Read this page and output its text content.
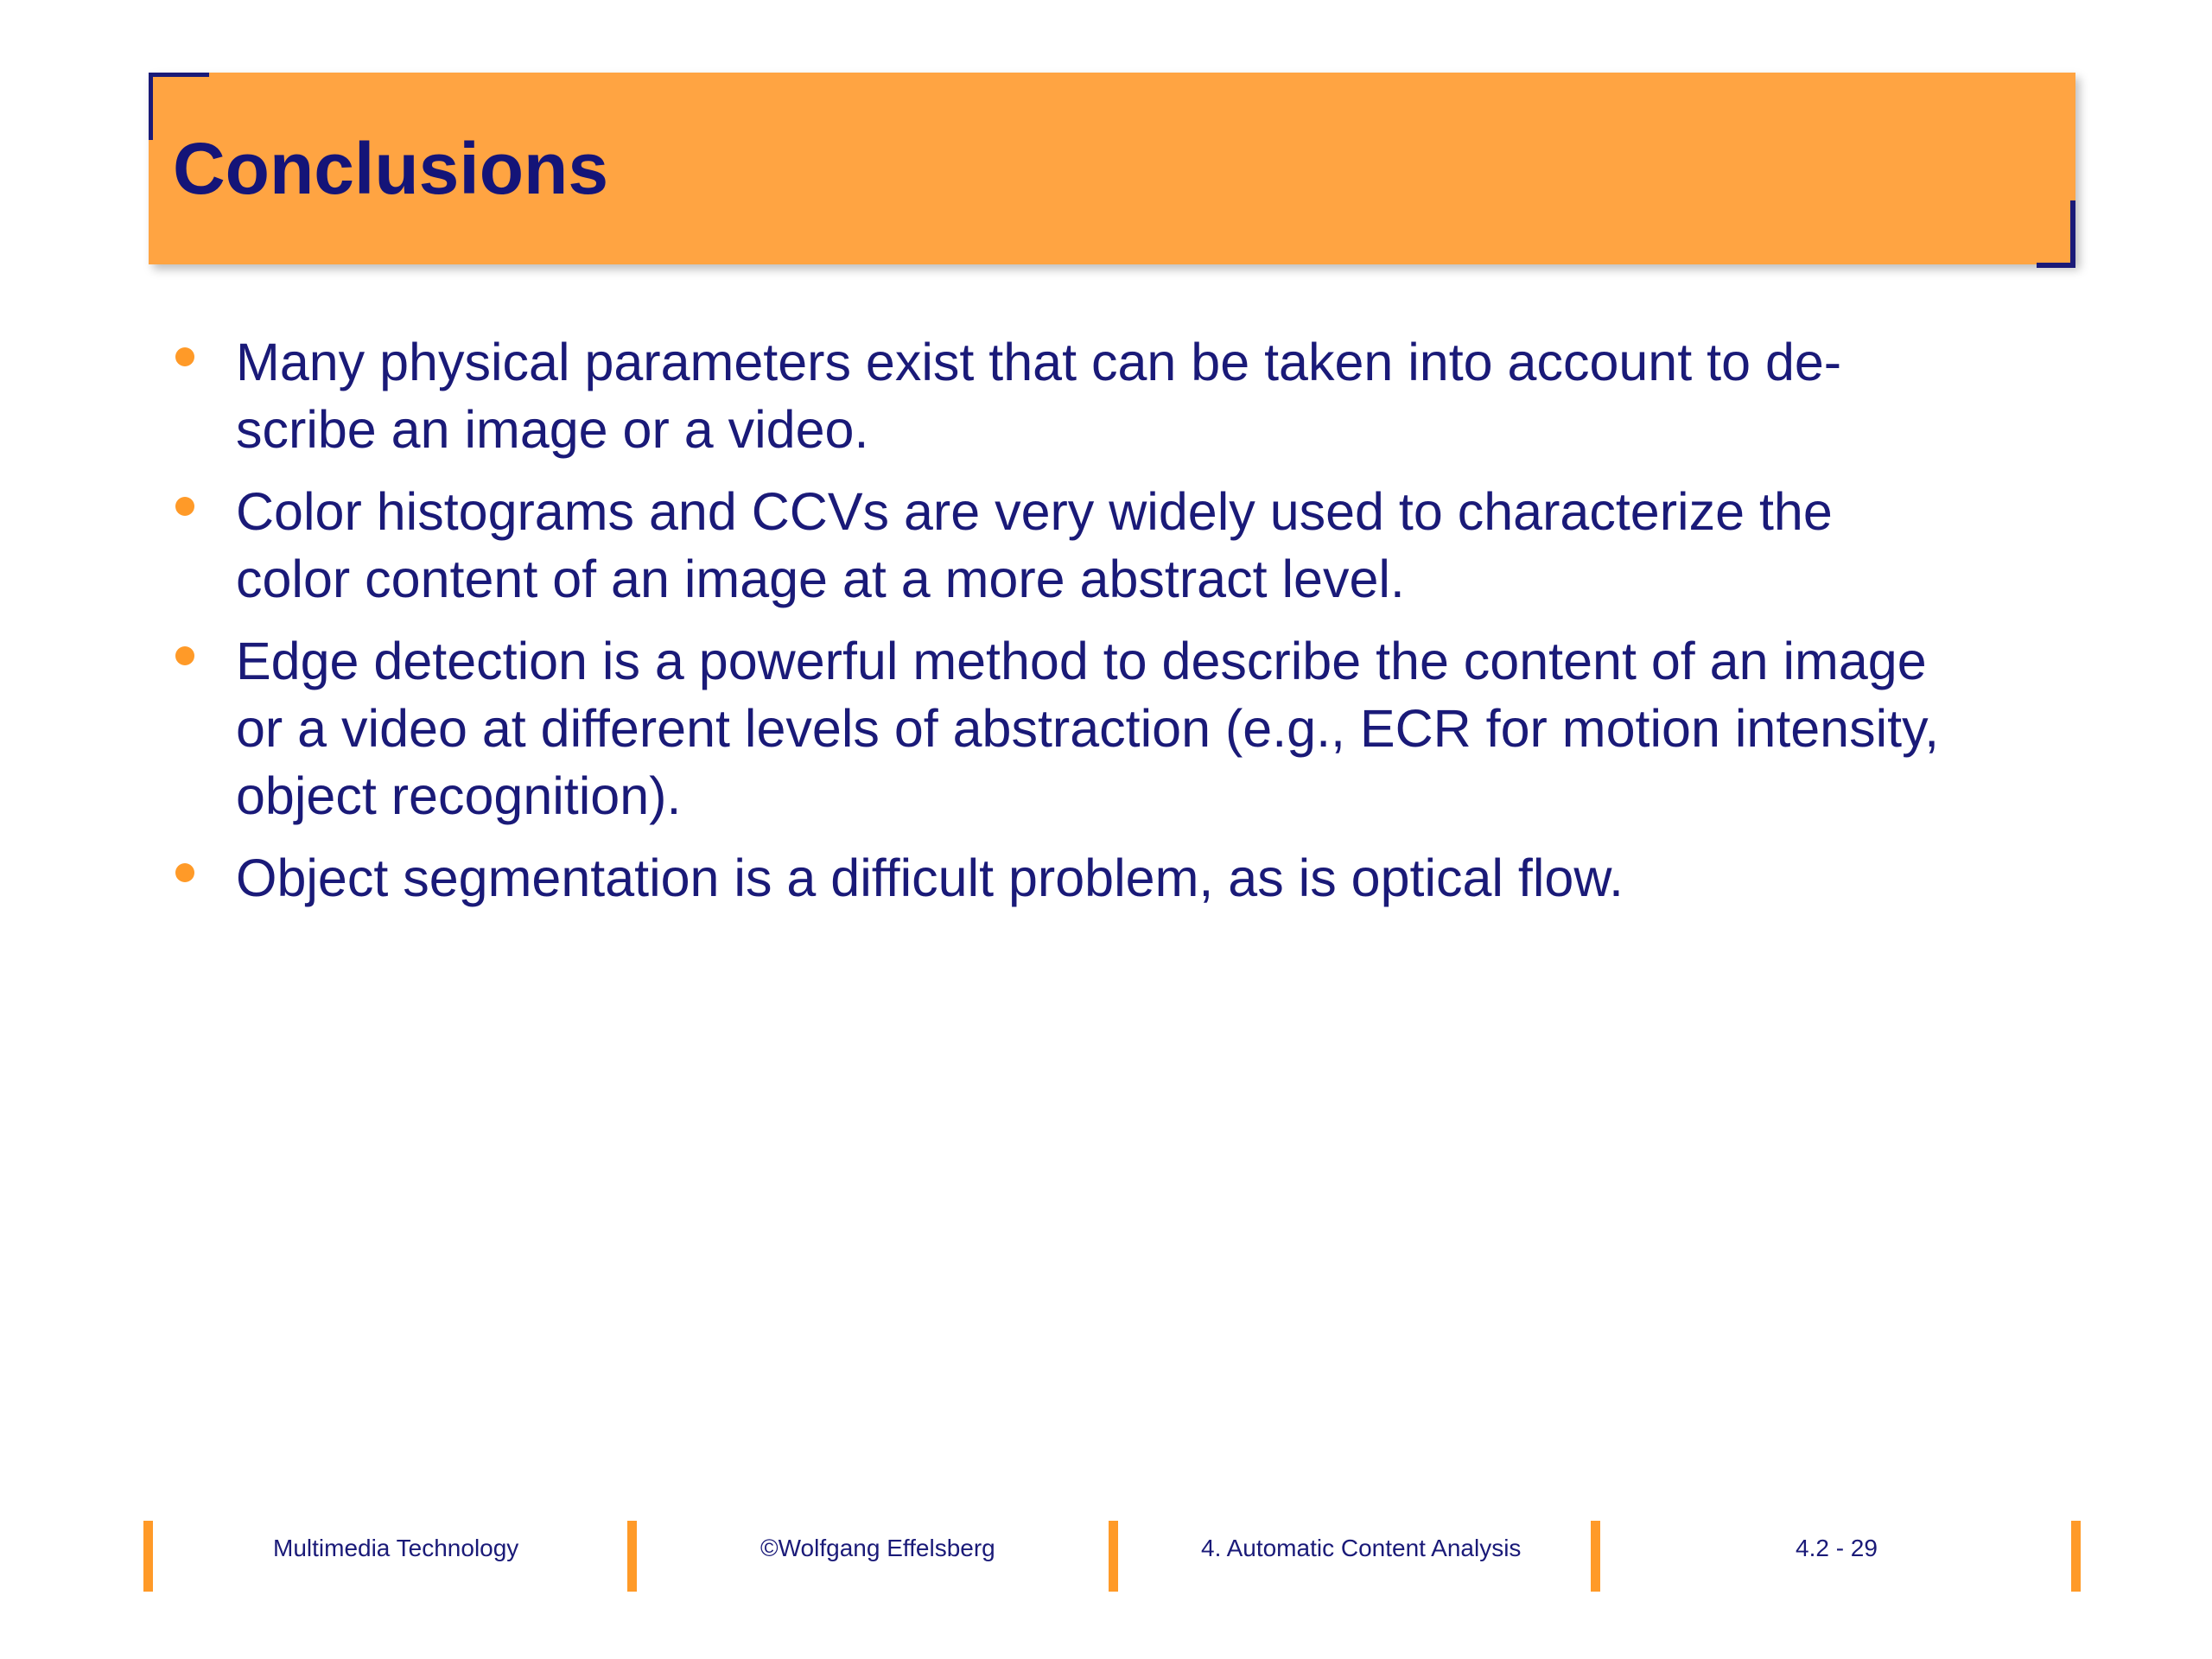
Conclusions
Many physical parameters exist that can be taken into account to de-
scribe an image or a video.
Color histograms and CCVs are very widely used to characterize the
color content of an image at a more abstract level.
Edge detection is a powerful method to describe the content of an image
or a video at different levels of abstraction (e.g., ECR for motion intensity,
object recognition).
Object segmentation is a difficult problem, as is optical flow.
Multimedia Technology	©Wolfgang Effelsberg	4. Automatic Content Analysis	4.2 - 29
